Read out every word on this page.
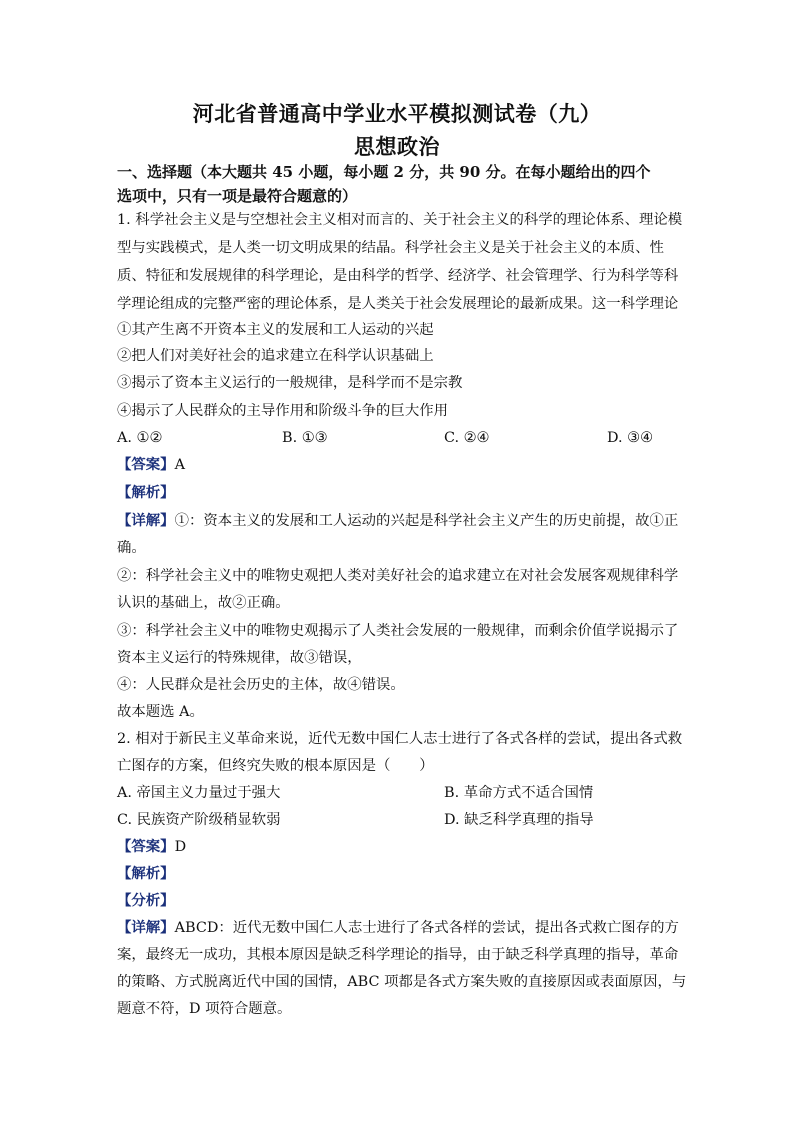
河北省普通高中学业水平模拟测试卷（九）
思想政治
一、选择题（本大题共 45 小题，每小题 2 分，共 90 分。在每小题给出的四个
选项中，只有一项是最符合题意的）
1. 科学社会主义是与空想社会主义相对而言的、关于社会主义的科学的理论体系、理论模
型与实践模式，是人类一切文明成果的结晶。科学社会主义是关于社会主义的本质、性
质、特征和发展规律的科学理论，是由科学的哲学、经济学、社会管理学、行为科学等科
学理论组成的完整严密的理论体系，是人类关于社会发展理论的最新成果。这一科学理论
①其产生离不开资本主义的发展和工人运动的兴起
②把人们对美好社会的追求建立在科学认识基础上
③揭示了资本主义运行的一般规律，是科学而不是宗教
④揭示了人民群众的主导作用和阶级斗争的巨大作用
A. ①②	B. ①③	C. ②④	D. ③④
【答案】A
【解析】
【详解】①：资本主义的发展和工人运动的兴起是科学社会主义产生的历史前提，故①正
确。
②：科学社会主义中的唯物史观把人类对美好社会的追求建立在对社会发展客观规律科学
认识的基础上，故②正确。
③：科学社会主义中的唯物史观揭示了人类社会发展的一般规律，而剩余价值学说揭示了
资本主义运行的特殊规律，故③错误，
④：人民群众是社会历史的主体，故④错误。
故本题选 A。
2. 相对于新民主义革命来说，近代无数中国仁人志士进行了各式各样的尝试，提出各式救
亡图存的方案，但终究失败的根本原因是（　　）
A. 帝国主义力量过于强大	B. 革命方式不适合国情
C. 民族资产阶级稍显软弱	D. 缺乏科学真理的指导
【答案】D
【解析】
【分析】
【详解】ABCD：近代无数中国仁人志士进行了各式各样的尝试，提出各式救亡图存的方
案，最终无一成功，其根本原因是缺乏科学理论的指导，由于缺乏科学真理的指导，革命
的策略、方式脱离近代中国的国情，ABC 项都是各式方案失败的直接原因或表面原因，与
题意不符，D 项符合题意。
